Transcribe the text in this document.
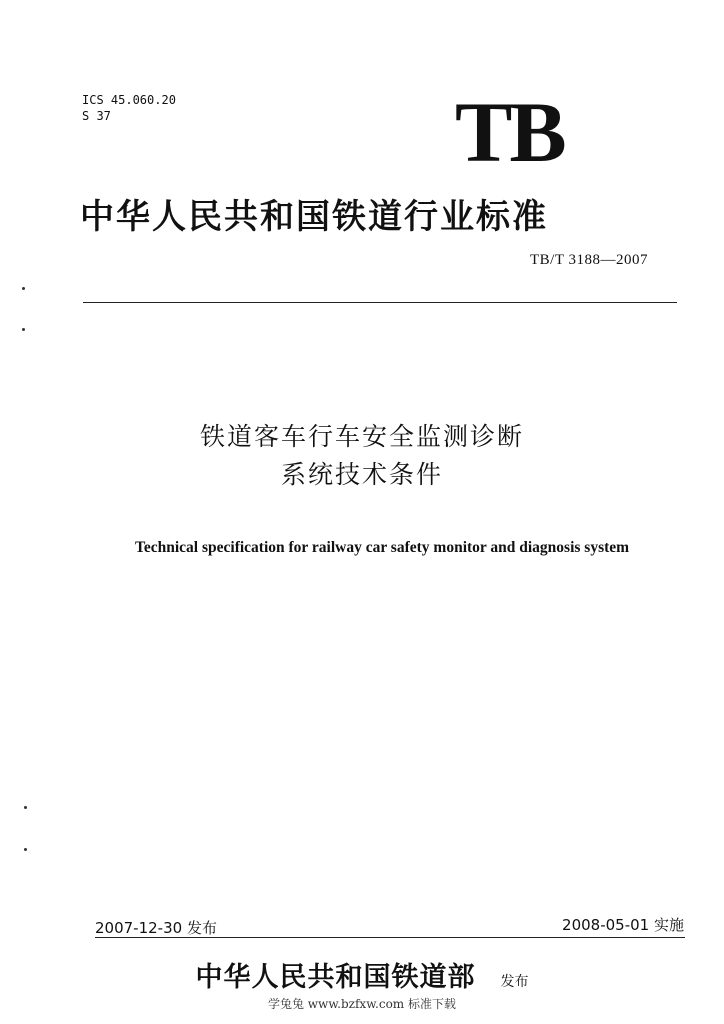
ICS 45.060.20
S 37	TB
中华人民共和国铁道行业标准
TB/T 3188—2007
铁道客车行车安全监测诊断
系统技术条件
Technical specification for railway car safety monitor and diagnosis system
2007-12-30 发布	2008-05-01 实施
中华人民共和国铁道部 发布
学兔兔 www.bzfxw.com 标准下载
